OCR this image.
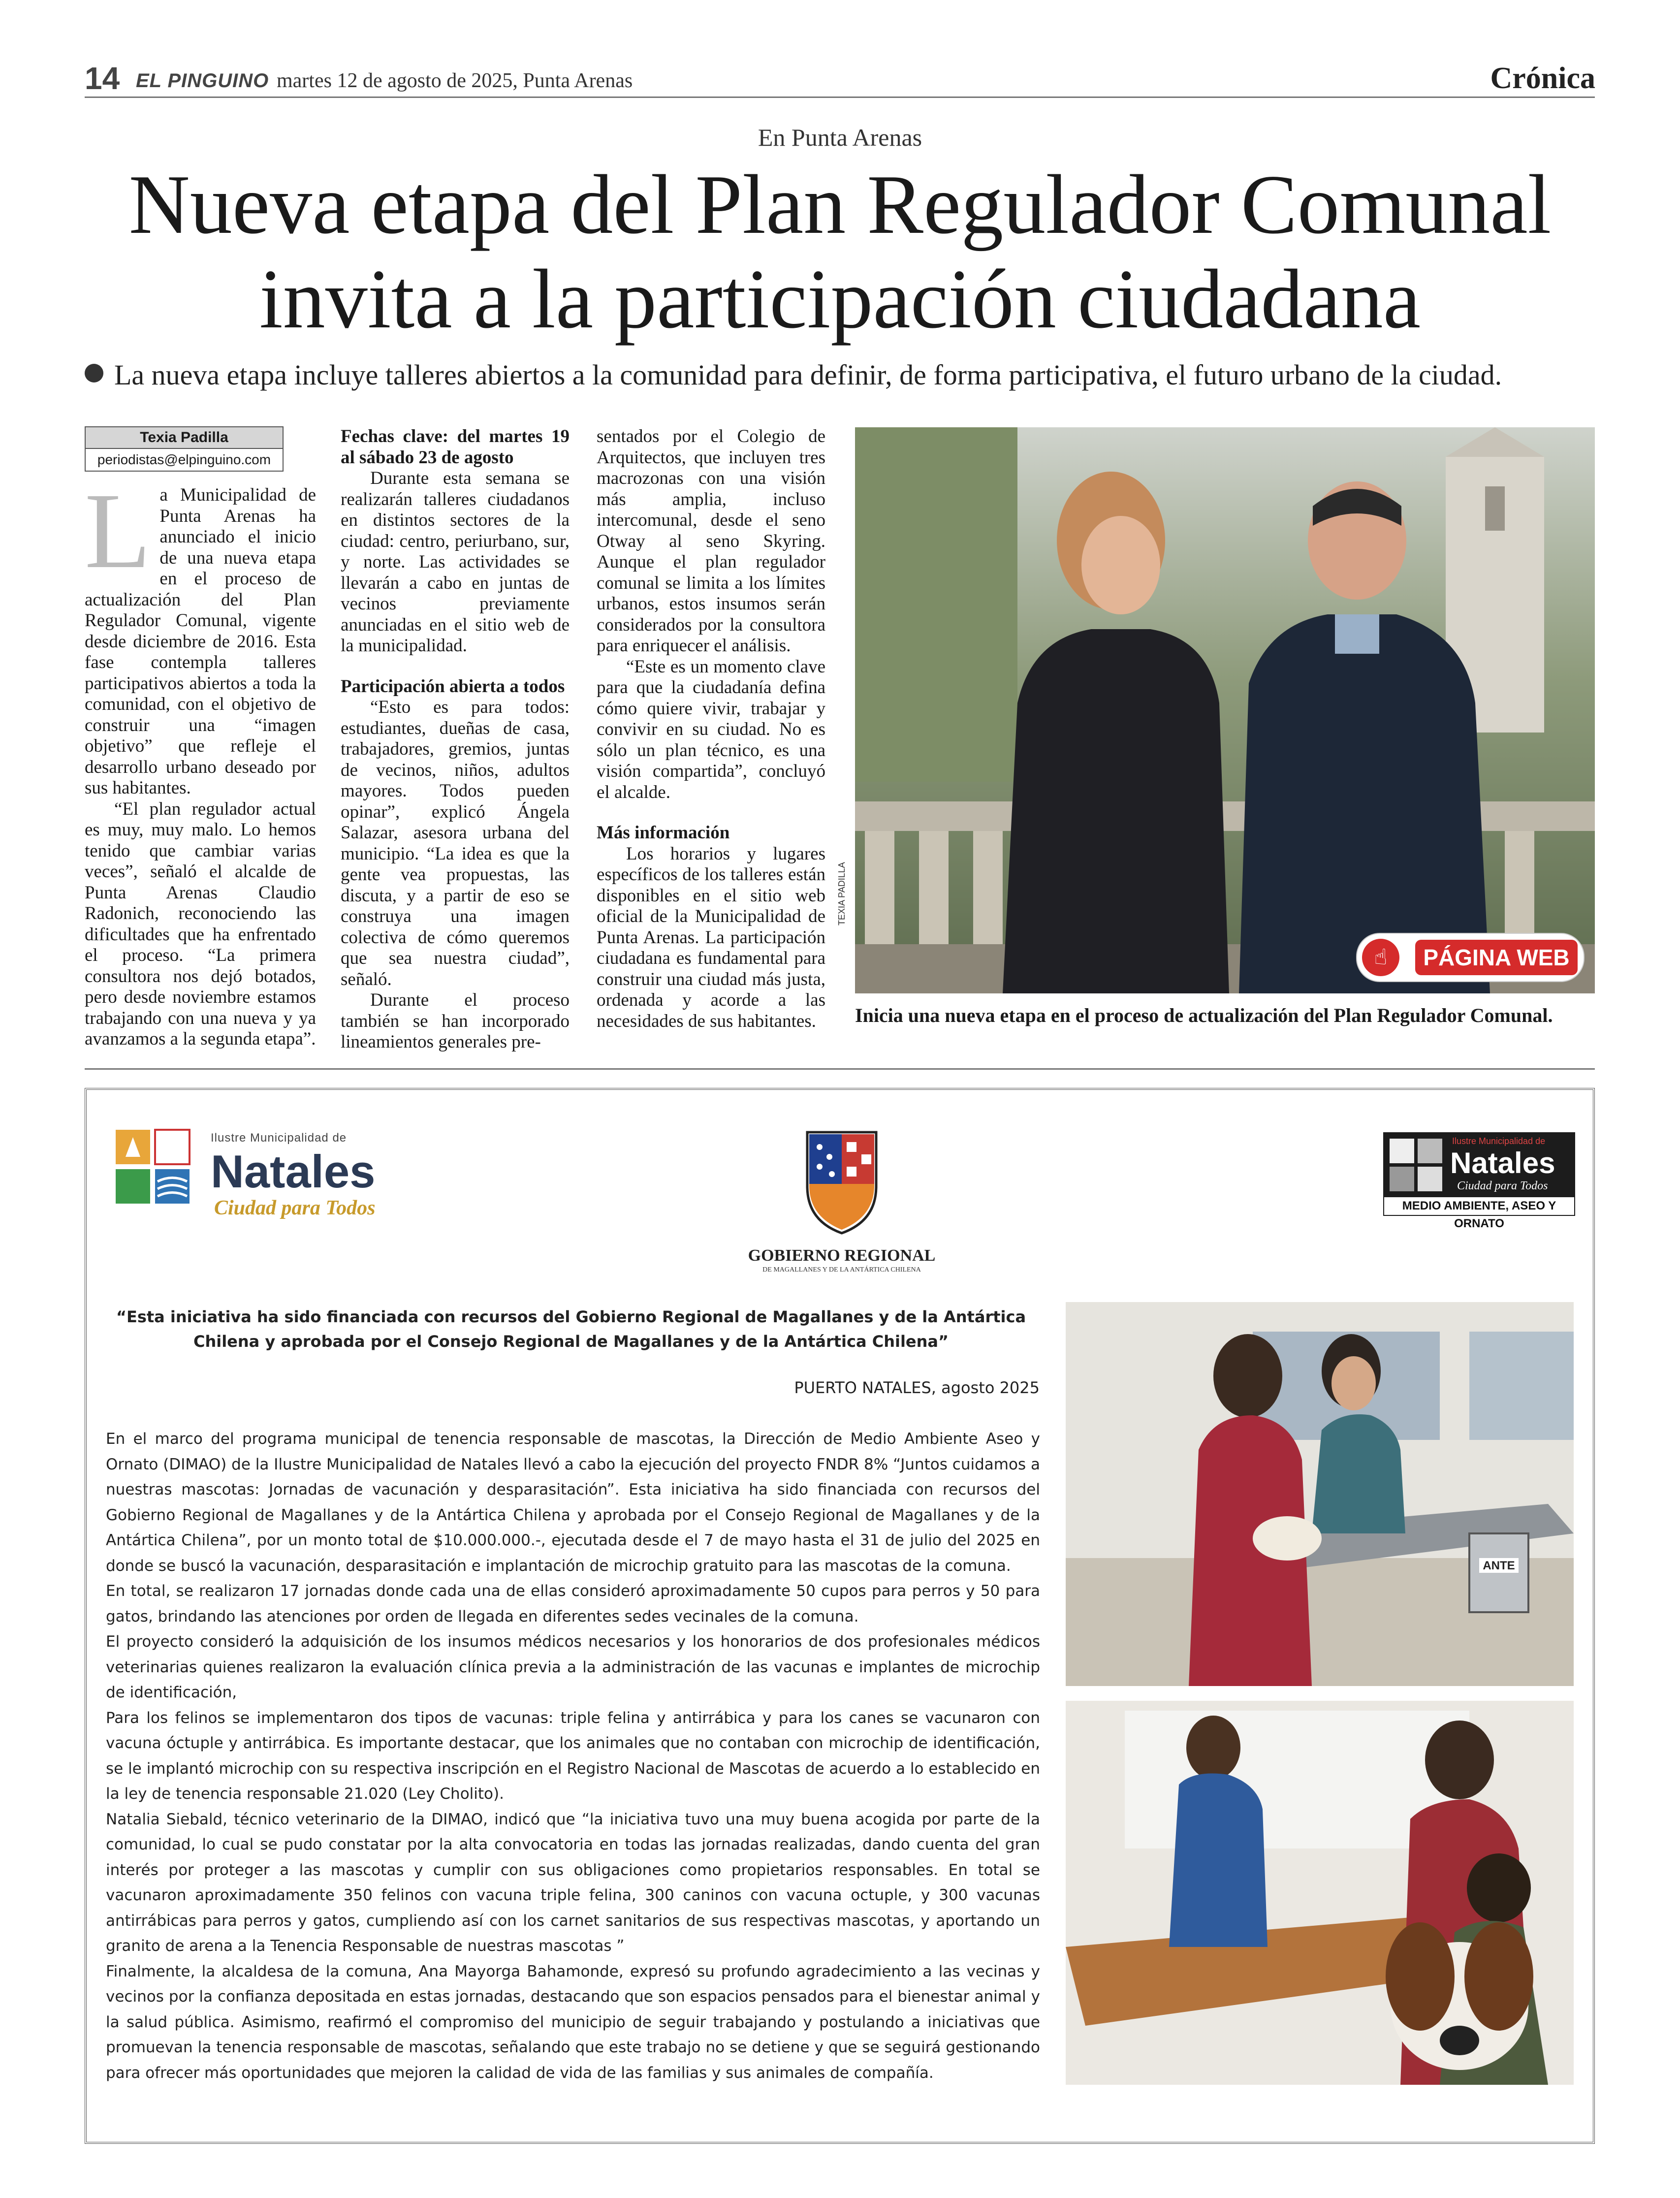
14 EL PINGUINO martes 12 de agosto de 2025, Punta Arenas	Crónica
En Punta Arenas
Nueva etapa del Plan Regulador Comunal
invita a la participación ciudadana
La nueva etapa incluye talleres abiertos a la comunidad para definir, de forma participativa, el futuro urbano de la ciudad.
Texia Padilla
periodistas@elpinguino.com
L a Municipalidad de Punta Arenas ha anunciado el inicio de una nueva etapa en el proceso de actualización del Plan Regulador Comunal, vigente desde diciembre de 2016. Esta fase contempla talleres participativos abiertos a toda la comunidad, con el objetivo de construir una “imagen objetivo” que refleje el desarrollo urbano deseado por sus habitantes.

“El plan regulador actual es muy, muy malo. Lo hemos tenido que cambiar varias veces”, señaló el alcalde de Punta Arenas Claudio Radonich, reconociendo las dificultades que ha enfrentado el proceso. “La primera consultora nos dejó botados, pero desde noviembre estamos trabajando con una nueva y ya avanzamos a la segunda etapa”.

Fechas clave: del martes 19 al sábado 23 de agosto

Durante esta semana se realizarán talleres ciudadanos en distintos sectores de la ciudad: centro, periurbano, sur, y norte. Las actividades se llevarán a cabo en juntas de vecinos previamente anunciadas en el sitio web de la municipalidad.

Participación abierta a todos

“Esto es para todos: estudiantes, dueñas de casa, trabajadores, gremios, juntas de vecinos, niños, adultos mayores. Todos pueden opinar”, explicó Ángela Salazar, asesora urbana del municipio. “La idea es que la gente vea propuestas, las discuta, y a partir de eso se construya una imagen colectiva de cómo queremos que sea nuestra ciudad”, señaló.

Durante el proceso también se han incorporado lineamientos generales pre-

sentados por el Colegio de Arquitectos, que incluyen tres macrozonas con una visión más amplia, incluso intercomunal, desde el seno Otway al seno Skyring. Aunque el plan regulador comunal se limita a los límites urbanos, estos insumos serán considerados por la consultora para enriquecer el análisis.

“Este es un momento clave para que la ciudadanía defina cómo quiere vivir, trabajar y convivir en su ciudad. No es sólo un plan técnico, es una visión compartida”, concluyó el alcalde.

Más información

Los horarios y lugares específicos de los talleres están disponibles en el sitio web oficial de la Municipalidad de Punta Arenas. La participación ciudadana es fundamental para construir una ciudad más justa, ordenada y acorde a las necesidades de sus habitantes.

TEXIA PADILLA
☝	PÁGINA WEB
Inicia una nueva etapa en el proceso de actualización del Plan Regulador Comunal.
Ilustre Municipalidad de
Natales
Ciudad para Todos
GOBIERNO REGIONAL
DE MAGALLANES Y DE LA ANTÁRTICA CHILENA
Ilustre Municipalidad de
Natales
Ciudad para Todos
MEDIO AMBIENTE, ASEO Y ORNATO
“Esta iniciativa ha sido financiada con recursos del Gobierno Regional de Magallanes y de la Antártica Chilena y aprobada por el Consejo Regional de Magallanes y de la Antártica Chilena”
PUERTO NATALES, agosto 2025

En el marco del programa municipal de tenencia responsable de mascotas, la Dirección de Medio Ambiente Aseo y Ornato (DIMAO) de la Ilustre Municipalidad de Natales llevó a cabo la ejecución del proyecto FNDR 8% “Juntos cuidamos a nuestras mascotas: Jornadas de vacunación y desparasitación”. Esta iniciativa ha sido financiada con recursos del Gobierno Regional de Magallanes y de la Antártica Chilena y aprobada por el Consejo Regional de Magallanes y de la Antártica Chilena”, por un monto total de $10.000.000.-, ejecutada desde el 7 de mayo hasta el 31 de julio del 2025 en donde se buscó la vacunación, desparasitación e implantación de microchip gratuito para las mascotas de la comuna.

En total, se realizaron 17 jornadas donde cada una de ellas consideró aproximadamente 50 cupos para perros y 50 para gatos, brindando las atenciones por orden de llegada en diferentes sedes vecinales de la comuna.

El proyecto consideró la adquisición de los insumos médicos necesarios y los honorarios de dos profesionales médicos veterinarias quienes realizaron la evaluación clínica previa a la administración de las vacunas e implantes de microchip de identificación,

Para los felinos se implementaron dos tipos de vacunas: triple felina y antirrábica y para los canes se vacunaron con vacuna óctuple y antirrábica. Es importante destacar, que los animales que no contaban con microchip de identificación, se le implantó microchip con su respectiva inscripción en el Registro Nacional de Mascotas de acuerdo a lo establecido en la ley de tenencia responsable 21.020 (Ley Cholito).

Natalia Siebald, técnico veterinario de la DIMAO, indicó que “la iniciativa tuvo una muy buena acogida por parte de la comunidad, lo cual se pudo constatar por la alta convocatoria en todas las jornadas realizadas, dando cuenta del gran interés por proteger a las mascotas y cumplir con sus obligaciones como propietarios responsables. En total se vacunaron aproximadamente 350 felinos con vacuna triple felina, 300 caninos con vacuna octuple, y 300 vacunas antirrábicas para perros y gatos, cumpliendo así con los carnet sanitarios de sus respectivas mascotas, y aportando un granito de arena a la Tenencia Responsable de nuestras mascotas ”

Finalmente, la alcaldesa de la comuna, Ana Mayorga Bahamonde, expresó su profundo agradecimiento a las vecinas y vecinos por la confianza depositada en estas jornadas, destacando que son espacios pensados para el bienestar animal y la salud pública. Asimismo, reafirmó el compromiso del municipio de seguir trabajando y postulando a iniciativas que promuevan la tenencia responsable de mascotas, señalando que este trabajo no se detiene y que se seguirá gestionando para ofrecer más oportunidades que mejoren la calidad de vida de las familias y sus animales de compañía.

ANTE
